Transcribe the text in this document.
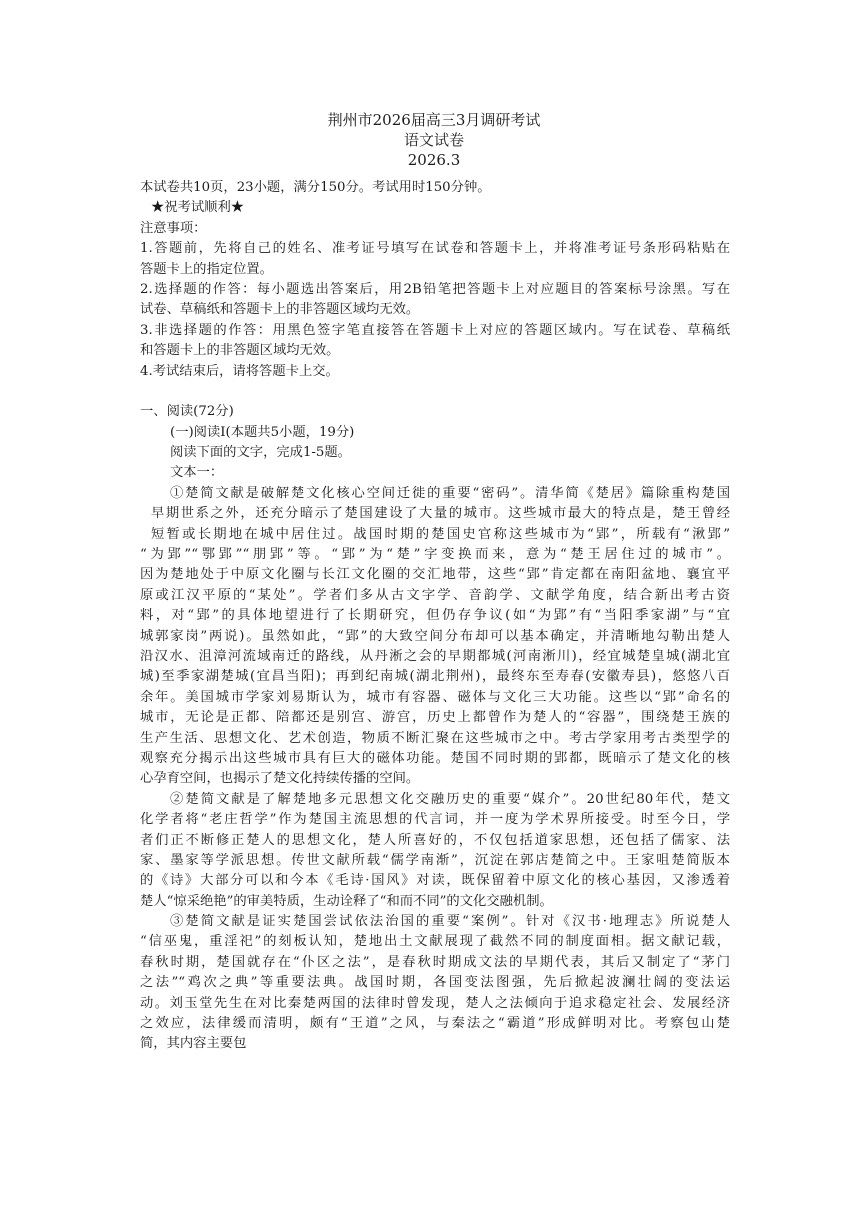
荆州市2026届高三3月调研考试
语文试卷
2026.3
本试卷共10页，23小题，满分150分。考试用时150分钟。
★祝考试顺利★
注意事项：
1.答题前，先将自己的姓名、准考证号填写在试卷和答题卡上，并将准考证号条形码粘贴在
答题卡上的指定位置。
2.选择题的作答：每小题选出答案后，用2B铅笔把答题卡上对应题目的答案标号涂黑。写在
试卷、草稿纸和答题卡上的非答题区域均无效。
3.非选择题的作答：用黑色签字笔直接答在答题卡上对应的答题区域内。写在试卷、草稿纸
和答题卡上的非答题区域均无效。
4.考试结束后，请将答题卡上交。
一、阅读(72分)
(一)阅读Ⅰ(本题共5小题，19分)
阅读下面的文字，完成1-5题。
文本一：
①楚简文献是破解楚文化核心空间迁徙的重要“密码”。清华简《楚居》篇除重构楚国
早期世系之外，还充分暗示了楚国建设了大量的城市。这些城市最大的特点是，楚王曾经
短暂或长期地在城中居住过。战国时期的楚国史官称这些城市为“郢”，所载有“湫郢”
“为郢”“鄂郢”“朋郢”等。“郢”为“楚”字变换而来，意为“楚王居住过的城市”。
因为楚地处于中原文化圈与长江文化圈的交汇地带，这些“郢”肯定都在南阳盆地、襄宜平
原或江汉平原的“某处”。学者们多从古文字学、音韵学、文献学角度，结合新出考古资
料，对“郢”的具体地望进行了长期研究，但仍存争议(如“为郢”有“当阳季家湖”与“宜
城郭家岗”两说)。虽然如此，“郢”的大致空间分布却可以基本确定，并清晰地勾勒出楚人
沿汉水、沮漳河流域南迁的路线，从丹淅之会的早期都城(河南淅川)，经宜城楚皇城(湖北宜
城)至季家湖楚城(宜昌当阳)；再到纪南城(湖北荆州)，最终东至寿春(安徽寿县)，悠悠八百
余年。美国城市学家刘易斯认为，城市有容器、磁体与文化三大功能。这些以“郢”命名的
城市，无论是正都、陪都还是别宫、游宫，历史上都曾作为楚人的“容器”，围绕楚王族的
生产生活、思想文化、艺术创造，物质不断汇聚在这些城市之中。考古学家用考古类型学的
观察充分揭示出这些城市具有巨大的磁体功能。楚国不同时期的郢都，既暗示了楚文化的核
心孕育空间，也揭示了楚文化持续传播的空间。
②楚简文献是了解楚地多元思想文化交融历史的重要“媒介”。20世纪80年代，楚文
化学者将“老庄哲学”作为楚国主流思想的代言词，并一度为学术界所接受。时至今日，学
者们正不断修正楚人的思想文化，楚人所喜好的，不仅包括道家思想，还包括了儒家、法
家、墨家等学派思想。传世文献所载“儒学南渐”，沉淀在郭店楚简之中。王家咀楚简版本
的《诗》大部分可以和今本《毛诗·国风》对读，既保留着中原文化的核心基因，又渗透着
楚人“惊采绝艳”的审美特质，生动诠释了“和而不同”的文化交融机制。
③楚简文献是证实楚国尝试依法治国的重要“案例”。针对《汉书·地理志》所说楚人
“信巫鬼，重淫祀”的刻板认知，楚地出土文献展现了截然不同的制度面相。据文献记载，
春秋时期，楚国就存在“仆区之法”，是春秋时期成文法的早期代表，其后又制定了“茅门
之法”“鸡次之典”等重要法典。战国时期，各国变法图强，先后掀起波澜壮阔的变法运
动。刘玉堂先生在对比秦楚两国的法律时曾发现，楚人之法倾向于追求稳定社会、发展经济
之效应，法律缓而清明，颇有“王道”之风，与秦法之“霸道”形成鲜明对比。考察包山楚
简，其内容主要包
